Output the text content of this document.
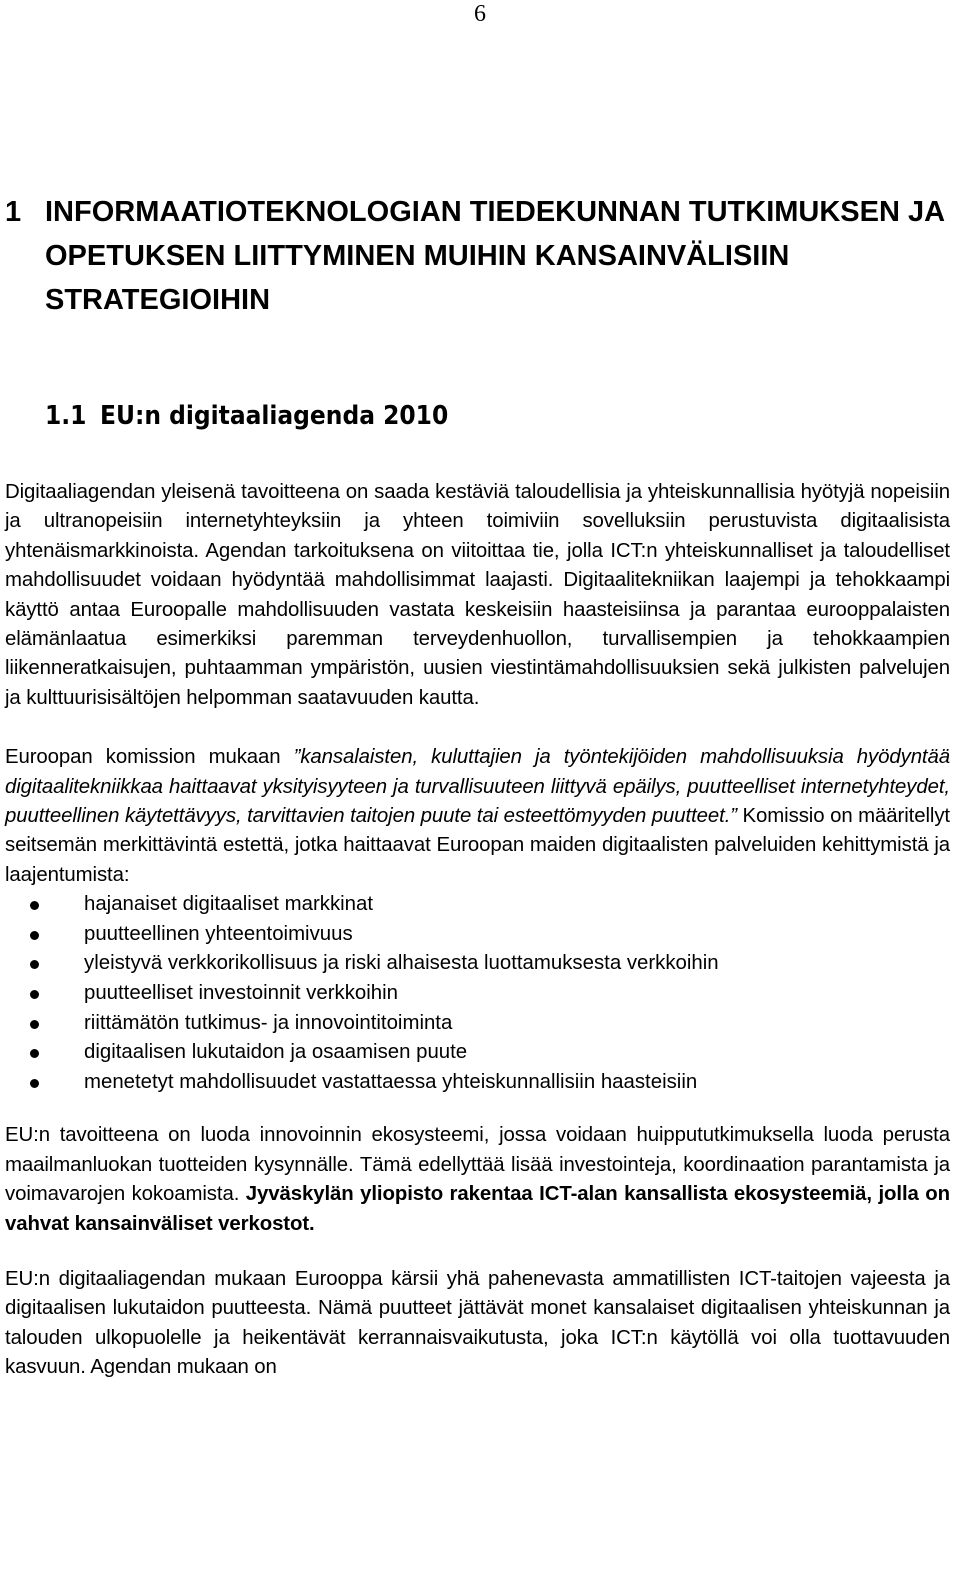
6
1 INFORMAATIOTEKNOLOGIAN TIEDEKUNNAN TUTKIMUKSEN JA OPETUKSEN LIITTYMINEN MUIHIN KANSAINVÄLISIIN STRATEGIOIHIN
1.1 EU:n digitaaliagenda 2010

Digitaaliagendan yleisenä tavoitteena on saada kestäviä taloudellisia ja yhteiskunnallisia hyötyjä nopeisiin ja ultranopeisiin internetyhteyksiin ja yhteen toimiviin sovelluksiin perustuvista digitaalisista yhtenäismarkkinoista. Agendan tarkoituksena on viitoittaa tie, jolla ICT:n yhteiskunnalliset ja taloudelliset mahdollisuudet voidaan hyödyntää mahdollisimmat laajasti. Digitaalitekniikan laajempi ja tehokkaampi käyttö antaa Euroopalle mahdollisuuden vastata keskeisiin haasteisiinsa ja parantaa eurooppalaisten elämänlaatua esimerkiksi paremman terveydenhuollon, turvallisempien ja tehokkaampien liikenneratkaisujen, puhtaamman ympäristön, uusien viestintämahdollisuuksien sekä julkisten palvelujen ja kulttuurisisältöjen helpomman saatavuuden kautta.

Euroopan komission mukaan ”kansalaisten, kuluttajien ja työntekijöiden mahdollisuuksia hyödyntää digitaalitekniikkaa haittaavat yksityisyyteen ja turvallisuuteen liittyvä epäilys, puutteelliset internetyhteydet, puutteellinen käytettävyys, tarvittavien taitojen puute tai esteettömyyden puutteet.” Komissio on määritellyt seitsemän merkittävintä estettä, jotka haittaavat Euroopan maiden digitaalisten palveluiden kehittymistä ja laajentumista:

hajanaiset digitaaliset markkinat
puutteellinen yhteentoimivuus
yleistyvä verkkorikollisuus ja riski alhaisesta luottamuksesta verkkoihin
puutteelliset investoinnit verkkoihin
riittämätön tutkimus- ja innovointitoiminta
digitaalisen lukutaidon ja osaamisen puute
menetetyt mahdollisuudet vastattaessa yhteiskunnallisiin haasteisiin

EU:n tavoitteena on luoda innovoinnin ekosysteemi, jossa voidaan huippututkimuksella luoda perusta maailmanluokan tuotteiden kysynnälle. Tämä edellyttää lisää investointeja, koordinaation parantamista ja voimavarojen kokoamista. Jyväskylän yliopisto rakentaa ICT-alan kansallista ekosysteemiä, jolla on vahvat kansainväliset verkostot.

EU:n digitaaliagendan mukaan Eurooppa kärsii yhä pahenevasta ammatillisten ICT-taitojen vajeesta ja digitaalisen lukutaidon puutteesta. Nämä puutteet jättävät monet kansalaiset digitaalisen yhteiskunnan ja talouden ulkopuolelle ja heikentävät kerrannaisvaikutusta, joka ICT:n käytöllä voi olla tuottavuuden kasvuun. Agendan mukaan on
